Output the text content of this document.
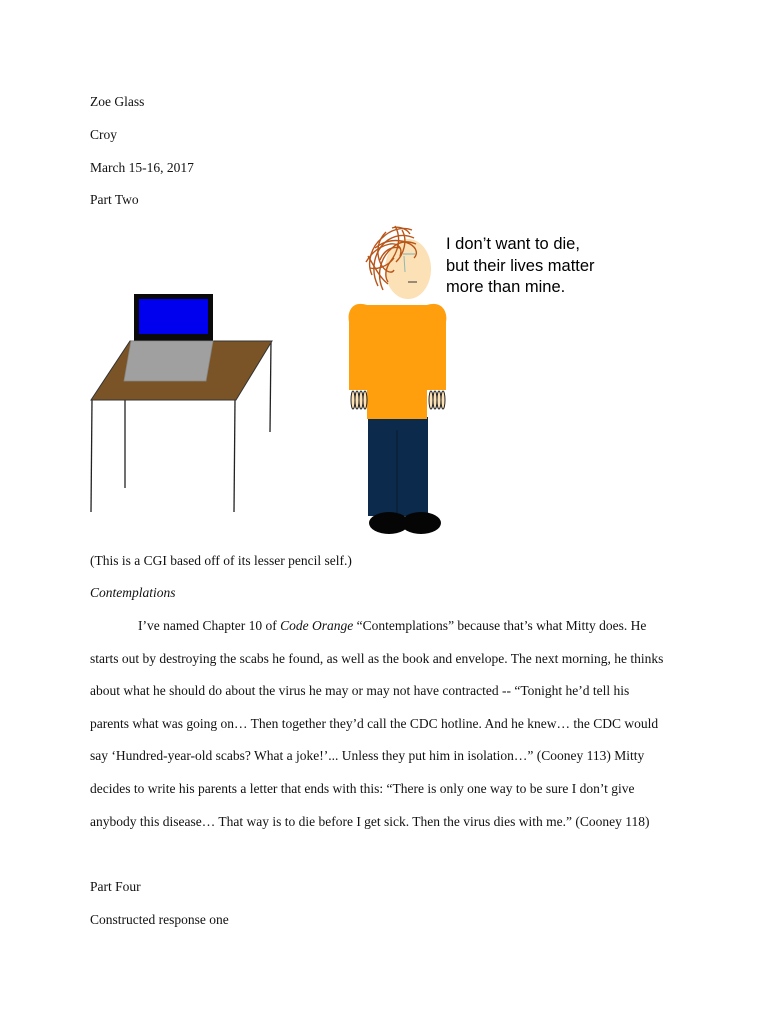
Zoe Glass
Croy
March 15-16, 2017
Part Two
I don’t want to die,
but their lives matter
more than mine.
(This is a CGI based off of its lesser pencil self.)
Contemplations
I’ve named Chapter 10 of Code Orange “Contemplations” because that’s what Mitty does. He
starts out by destroying the scabs he found, as well as the book and envelope. The next morning, he thinks
about what he should do about the virus he may or may not have contracted -- “Tonight he’d tell his
parents what was going on… Then together they’d call the CDC hotline. And he knew… the CDC would
say ‘Hundred-year-old scabs? What a joke!’... Unless they put him in isolation…” (Cooney 113) Mitty
decides to write his parents a letter that ends with this: “There is only one way to be sure I don’t give
anybody this disease… That way is to die before I get sick. Then the virus dies with me.” (Cooney 118)
Part Four
Constructed response one
